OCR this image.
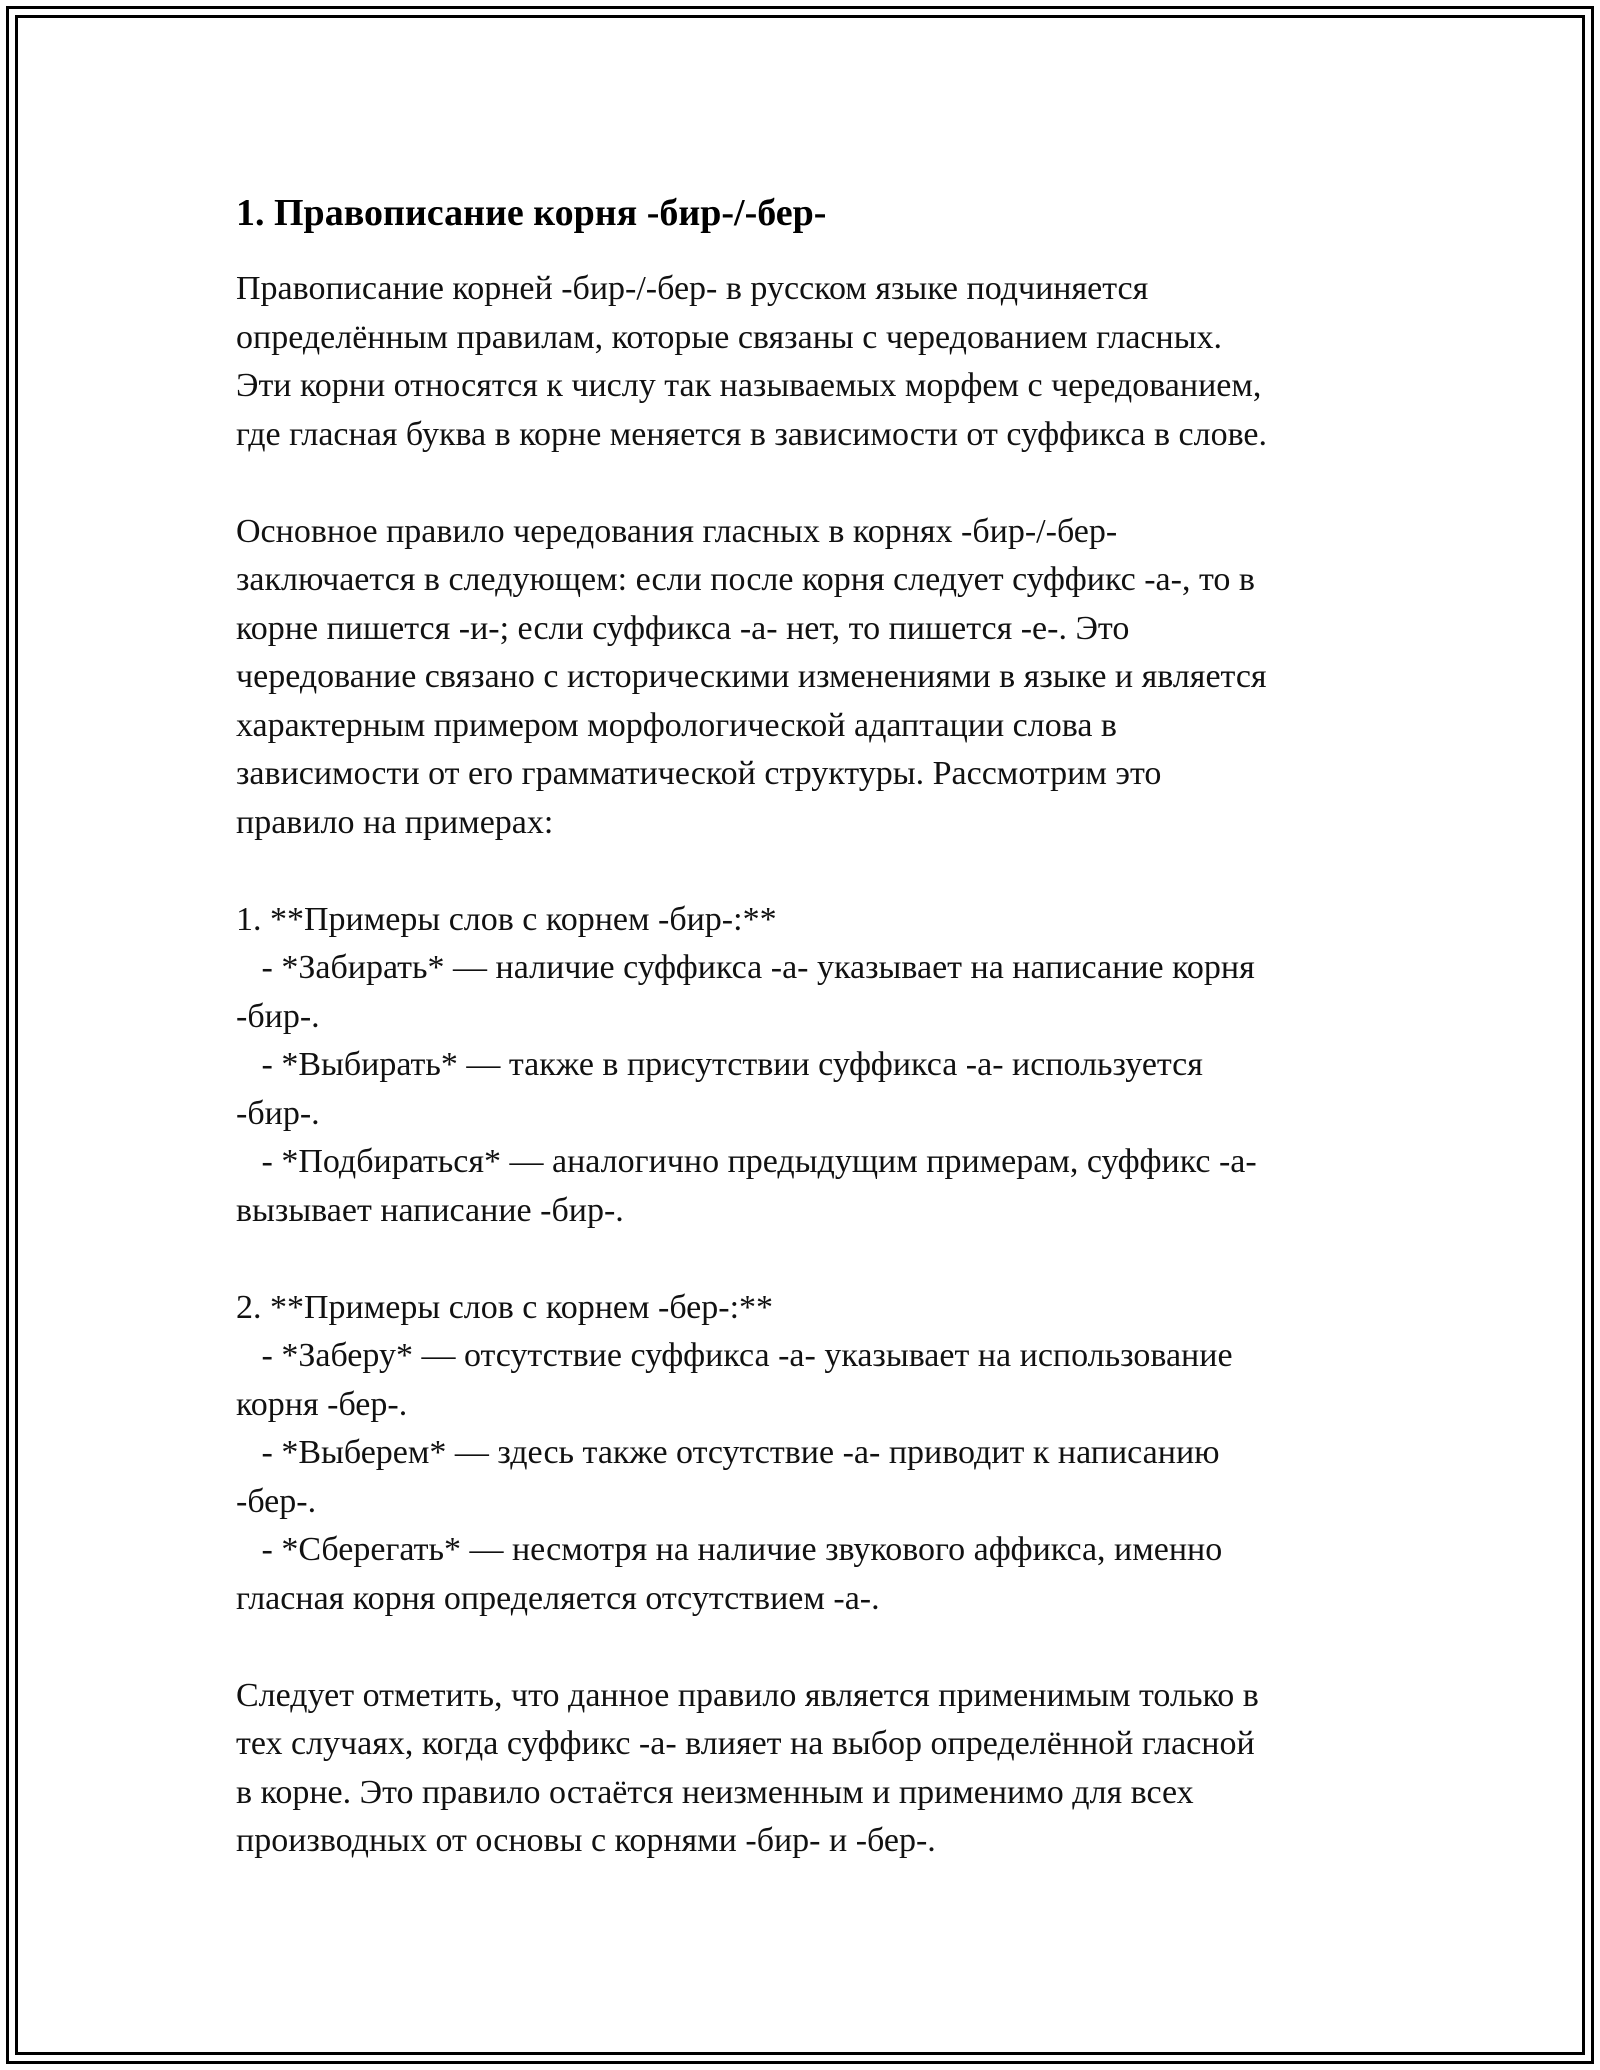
1. Правописание корня -бир-/-бер-

Правописание корней -бир-/-бер- в русском языке подчиняется
определённым правилам, которые связаны с чередованием гласных.
Эти корни относятся к числу так называемых морфем с чередованием,
где гласная буква в корне меняется в зависимости от суффикса в слове.

Основное правило чередования гласных в корнях -бир-/-бер-
заключается в следующем: если после корня следует суффикс -а-, то в
корне пишется -и-; если суффикса -а- нет, то пишется -е-. Это
чередование связано с историческими изменениями в языке и является
характерным примером морфологической адаптации слова в
зависимости от его грамматической структуры. Рассмотрим это
правило на примерах:

1. **Примеры слов с корнем -бир-:**
- *Забирать* — наличие суффикса -а- указывает на написание корня
-бир-.
- *Выбирать* — также в присутствии суффикса -а- используется
-бир-.
- *Подбираться* — аналогично предыдущим примерам, суффикс -а-
вызывает написание -бир-.

2. **Примеры слов с корнем -бер-:**
- *Заберу* — отсутствие суффикса -а- указывает на использование
корня -бер-.
- *Выберем* — здесь также отсутствие -а- приводит к написанию
-бер-.
- *Сберегать* — несмотря на наличие звукового аффикса, именно
гласная корня определяется отсутствием -а-.

Следует отметить, что данное правило является применимым только в
тех случаях, когда суффикс -а- влияет на выбор определённой гласной
в корне. Это правило остаётся неизменным и применимо для всех
производных от основы с корнями -бир- и -бер-.
